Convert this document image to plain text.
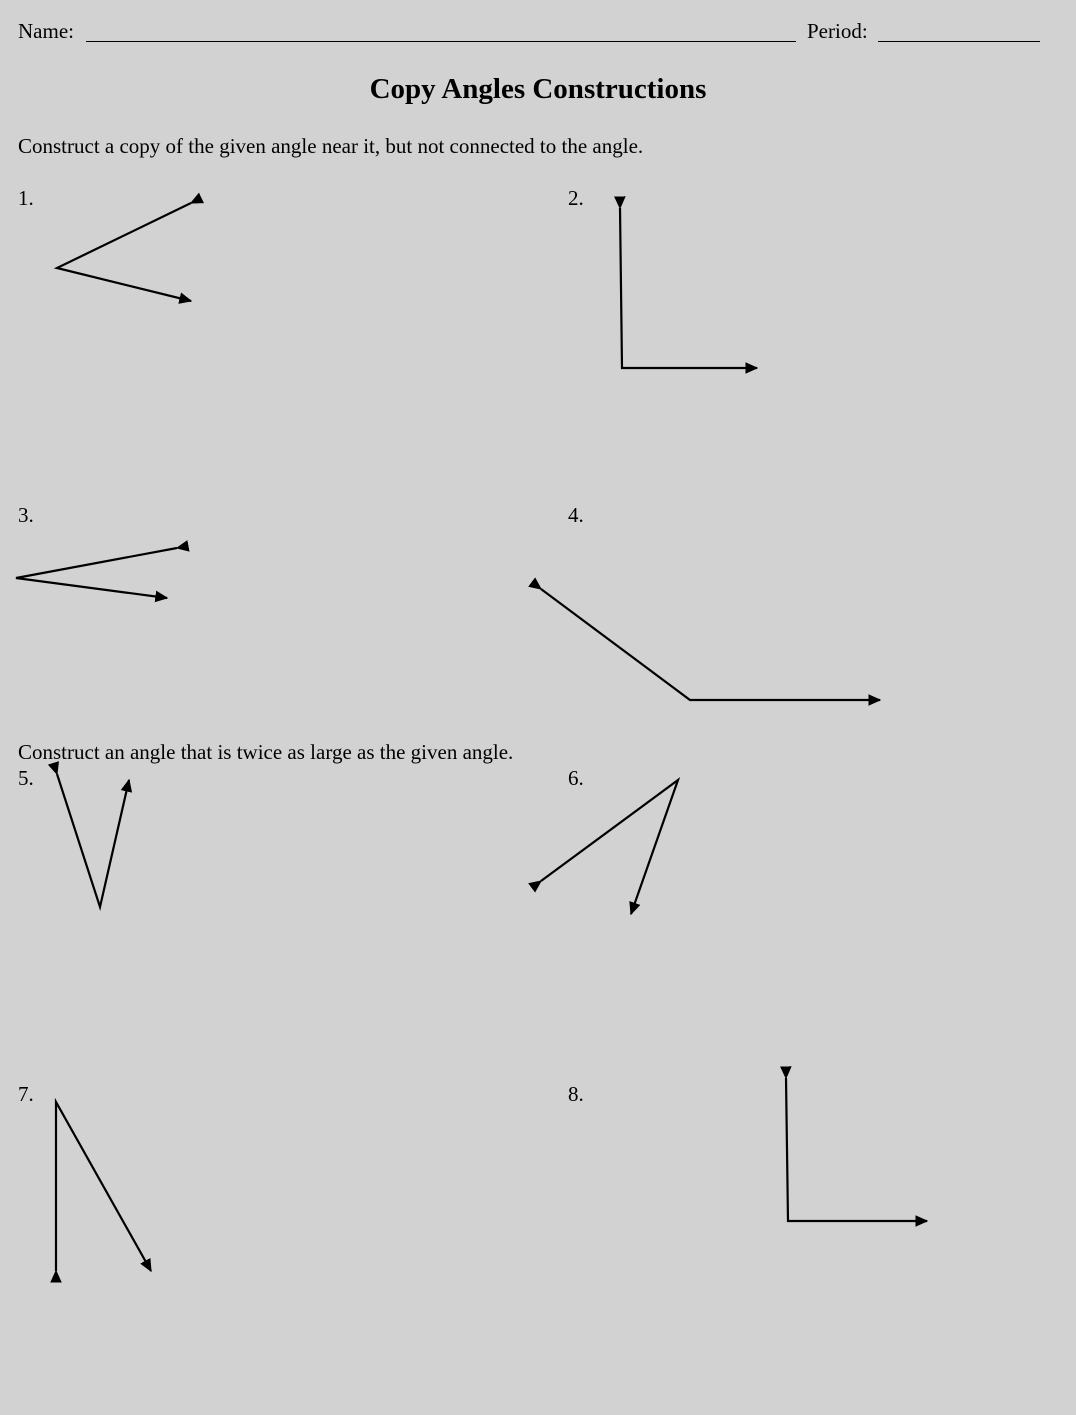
Name:	Period:
Copy Angles Constructions
Construct a copy of the given angle near it, but not connected to the angle.
1.	2.
3.	4.
Construct an angle that is twice as large as the given angle.
5.	6.
7.	8.
